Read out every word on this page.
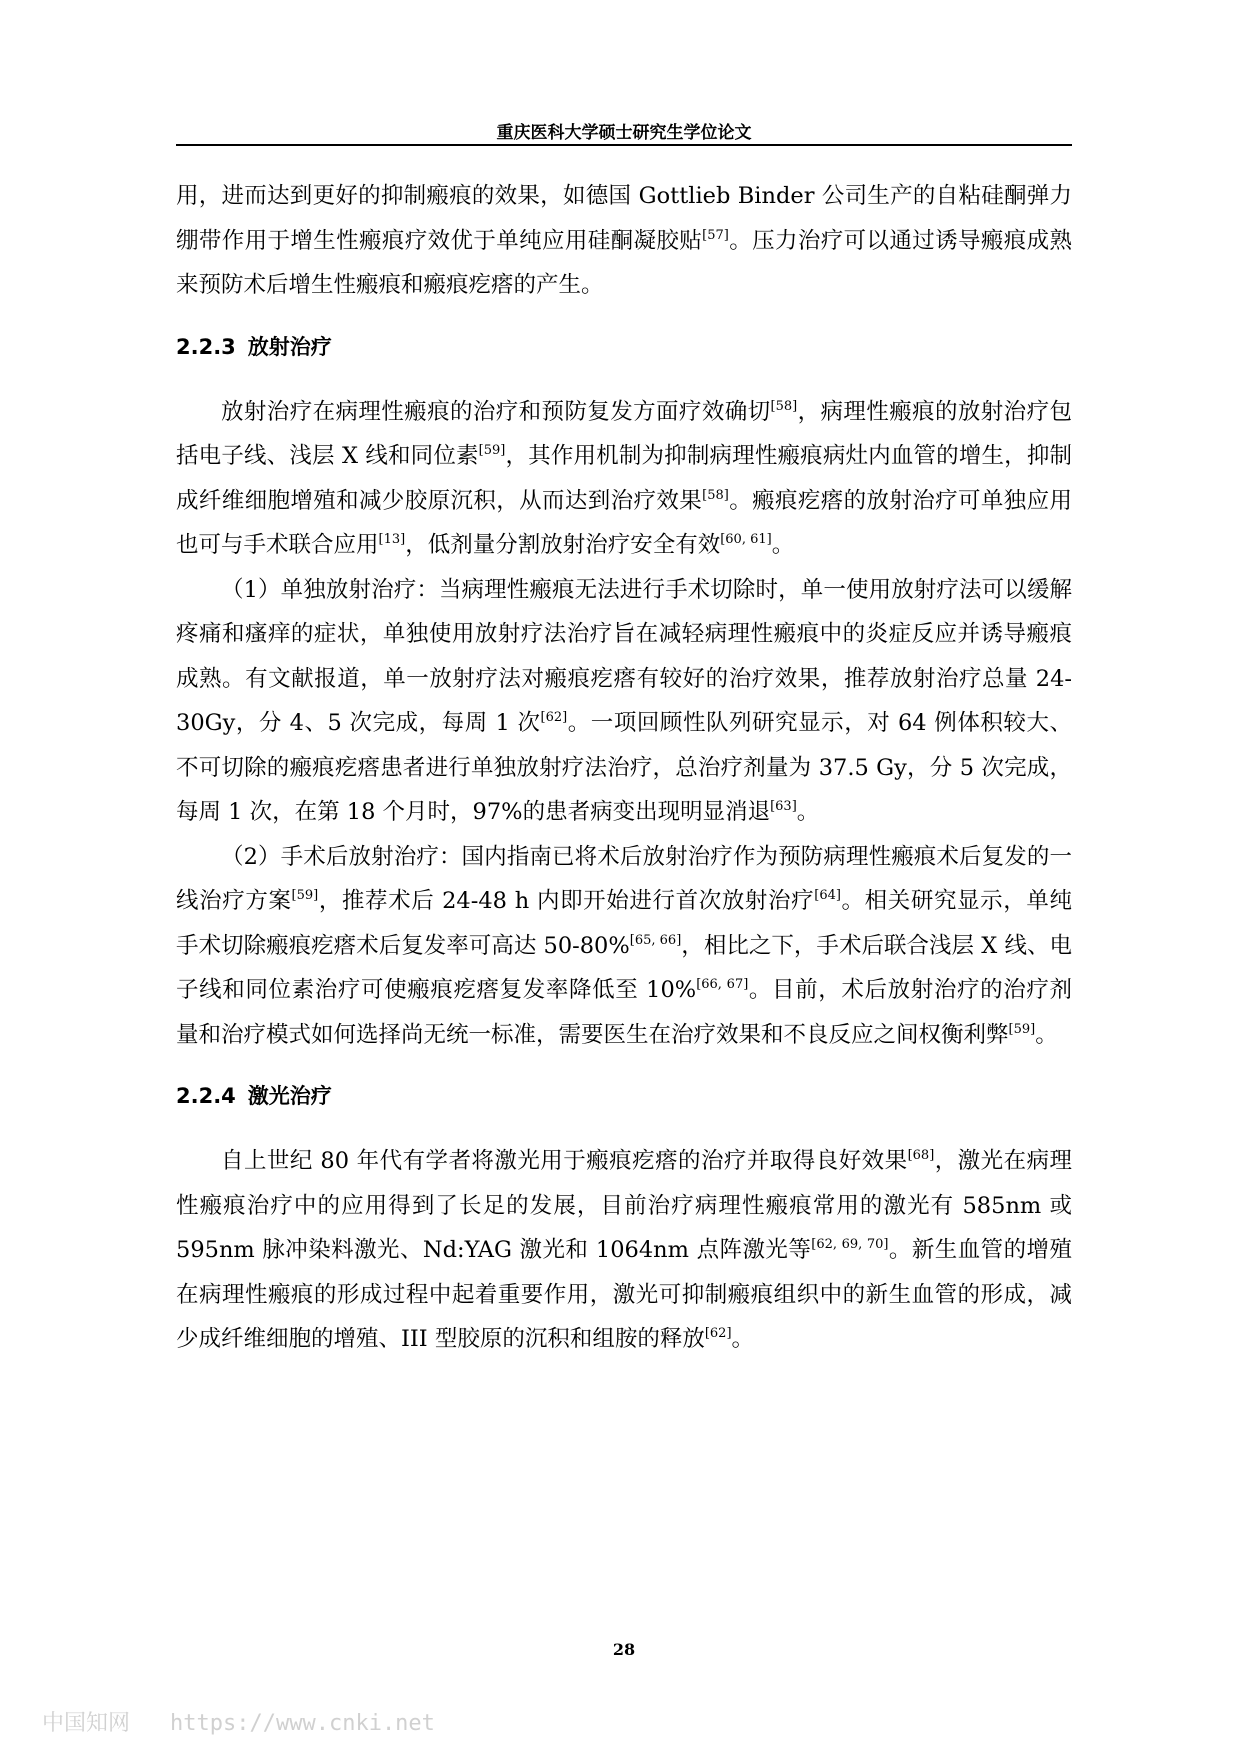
重庆医科大学硕士研究生学位论文

用，进而达到更好的抑制瘢痕的效果，如德国 Gottlieb Binder 公司生产的自粘硅酮弹力绷带作用于增生性瘢痕疗效优于单纯应用硅酮凝胶贴[57]。压力治疗可以通过诱导瘢痕成熟来预防术后增生性瘢痕和瘢痕疙瘩的产生。

2.2.3 放射治疗

放射治疗在病理性瘢痕的治疗和预防复发方面疗效确切[58]，病理性瘢痕的放射治疗包括电子线、浅层 X 线和同位素[59]，其作用机制为抑制病理性瘢痕病灶内血管的增生，抑制成纤维细胞增殖和减少胶原沉积，从而达到治疗效果[58]。瘢痕疙瘩的放射治疗可单独应用也可与手术联合应用[13]，低剂量分割放射治疗安全有效[60, 61]。

（1）单独放射治疗：当病理性瘢痕无法进行手术切除时，单一使用放射疗法可以缓解疼痛和瘙痒的症状，单独使用放射疗法治疗旨在减轻病理性瘢痕中的炎症反应并诱导瘢痕成熟。有文献报道，单一放射疗法对瘢痕疙瘩有较好的治疗效果，推荐放射治疗总量 24-30Gy，分 4、5 次完成，每周 1 次[62]。一项回顾性队列研究显示，对 64 例体积较大、不可切除的瘢痕疙瘩患者进行单独放射疗法治疗，总治疗剂量为 37.5 Gy，分 5 次完成，每周 1 次，在第 18 个月时，97%的患者病变出现明显消退[63]。

（2）手术后放射治疗：国内指南已将术后放射治疗作为预防病理性瘢痕术后复发的一线治疗方案[59]，推荐术后 24-48 h 内即开始进行首次放射治疗[64]。相关研究显示，单纯手术切除瘢痕疙瘩术后复发率可高达 50-80%[65, 66]，相比之下，手术后联合浅层 X 线、电子线和同位素治疗可使瘢痕疙瘩复发率降低至 10%[66, 67]。目前，术后放射治疗的治疗剂量和治疗模式如何选择尚无统一标准，需要医生在治疗效果和不良反应之间权衡利弊[59]。

2.2.4 激光治疗

自上世纪 80 年代有学者将激光用于瘢痕疙瘩的治疗并取得良好效果[68]，激光在病理性瘢痕治疗中的应用得到了长足的发展，目前治疗病理性瘢痕常用的激光有 585nm 或 595nm 脉冲染料激光、Nd:YAG 激光和 1064nm 点阵激光等[62, 69, 70]。新生血管的增殖在病理性瘢痕的形成过程中起着重要作用，激光可抑制瘢痕组织中的新生血管的形成，减少成纤维细胞的增殖、III 型胶原的沉积和组胺的释放[62]。

28
中国知网 https://www.cnki.net
